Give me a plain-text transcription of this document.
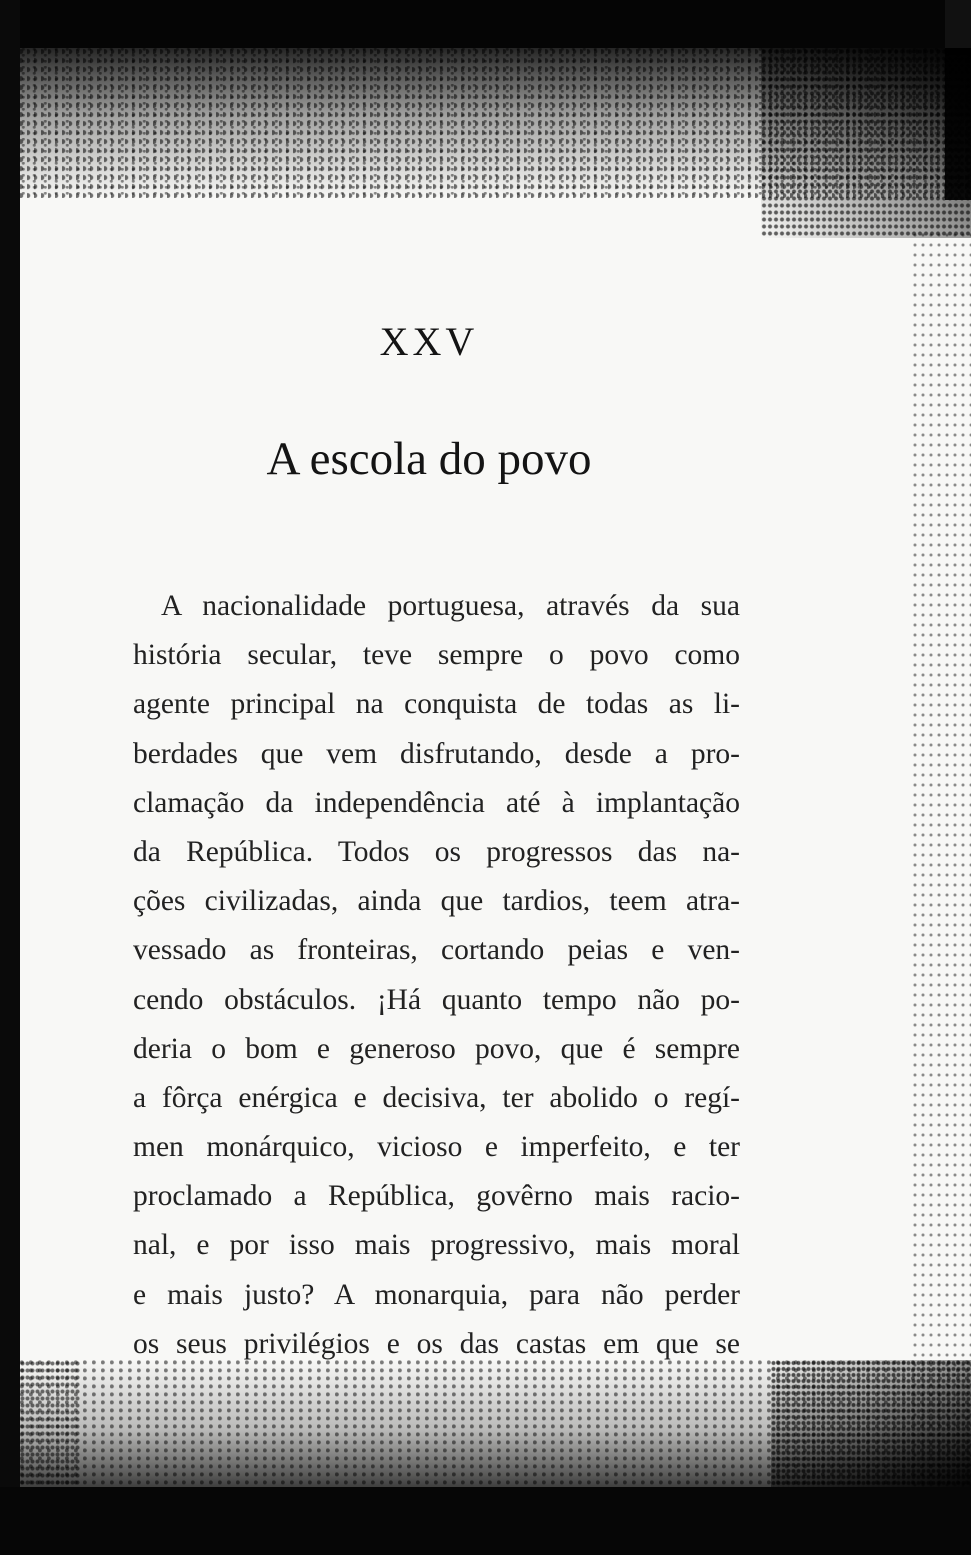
XXV
A escola do povo
A nacionalidade portuguesa, através da sua
história secular, teve sempre o povo como
agente principal na conquista de todas as li-
berdades que vem disfrutando, desde a pro-
clamação da independência até à implantação
da República. Todos os progressos das na-
ções civilizadas, ainda que tardios, teem atra-
vessado as fronteiras, cortando peias e ven-
cendo obstáculos. ¡Há quanto tempo não po-
deria o bom e generoso povo, que é sempre
a fôrça enérgica e decisiva, ter abolido o regí-
men monárquico, vicioso e imperfeito, e ter
proclamado a República, govêrno mais racio-
nal, e por isso mais progressivo, mais moral
e mais justo? A monarquia, para não perder
os seus privilégios e os das castas em que se
